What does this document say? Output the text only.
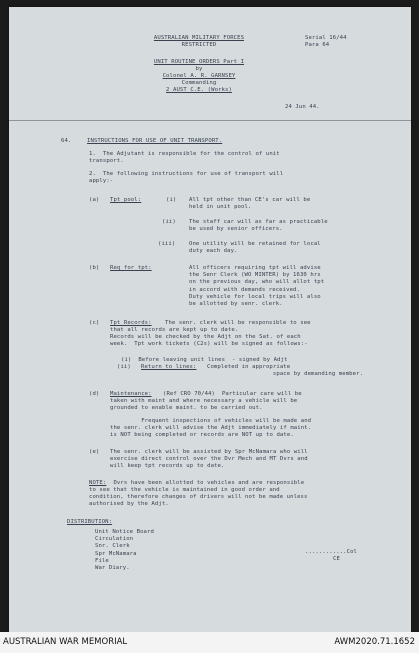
AUSTRALIAN MILITARY FORCES
RESTRICTED
Serial 16/44
Para 64
UNIT ROUTINE ORDERS Part I
by
Colonel A. R. GARNSEY
Commanding
2 AUST C.E. (Works)
24 Jun 44.
64.	INSTRUCTIONS FOR USE OF UNIT TRANSPORT.
1.  The Adjutant is responsible for the control of unit
transport.
2.  The following instructions for use of transport will
apply:-
(a) Tpt pool:	(i) All tpt other than CE's car will be
held in unit pool.
(ii) The staff car will as far as practicable
be used by senior officers.
(iii) One utility will be retained for local
duty each day.
(b) Req for tpt:	All officers requiring tpt will advise
the Senr Clerk (WO MINTER) by 1630 hrs
on the previous day, who will allot tpt
in accord with demands received.
Duty vehicle for local trips will also
be allotted by senr. clerk.
(c) Tpt Records: The senr. clerk will be responsible to see
that all records are kept up to date.
Records will be checked by the Adjt on the Sat. of each
week.  Tpt work tickets (C2s) will be signed as follows:-
(i)  Before leaving unit lines  - signed by Adjt
(ii) Return to lines: Completed in appropriate
space by demanding member.
(d) Maintenance: (Ref CRO 70/44)  Particular care will be
taken with maint and where necessary a vehicle will be
grounded to enable maint. to be carried out.
Frequent inspections of vehicles will be made and
the senr. clerk will advise the Adjt immediately if maint.
is NOT being completed or records are NOT up to date.
(e) The senr. clerk will be assisted by Spr McNamara who will
exercise direct control over the Dvr Mech and MT Dvrs and
will keep tpt records up to date.
NOTE: Dvrs have been allotted to vehicles and are responsible
to see that the vehicle is maintained in good order and
condition, therefore changes of drivers will not be made unless
authorised by the Adjt.
DISTRIBUTION:
Unit Notice Board
Circulation
Snr. Clerk
Spr McNamara
File
War Diary.
............Col
CE
AUSTRALIAN WAR MEMORIAL	AWM2020.71.1652
